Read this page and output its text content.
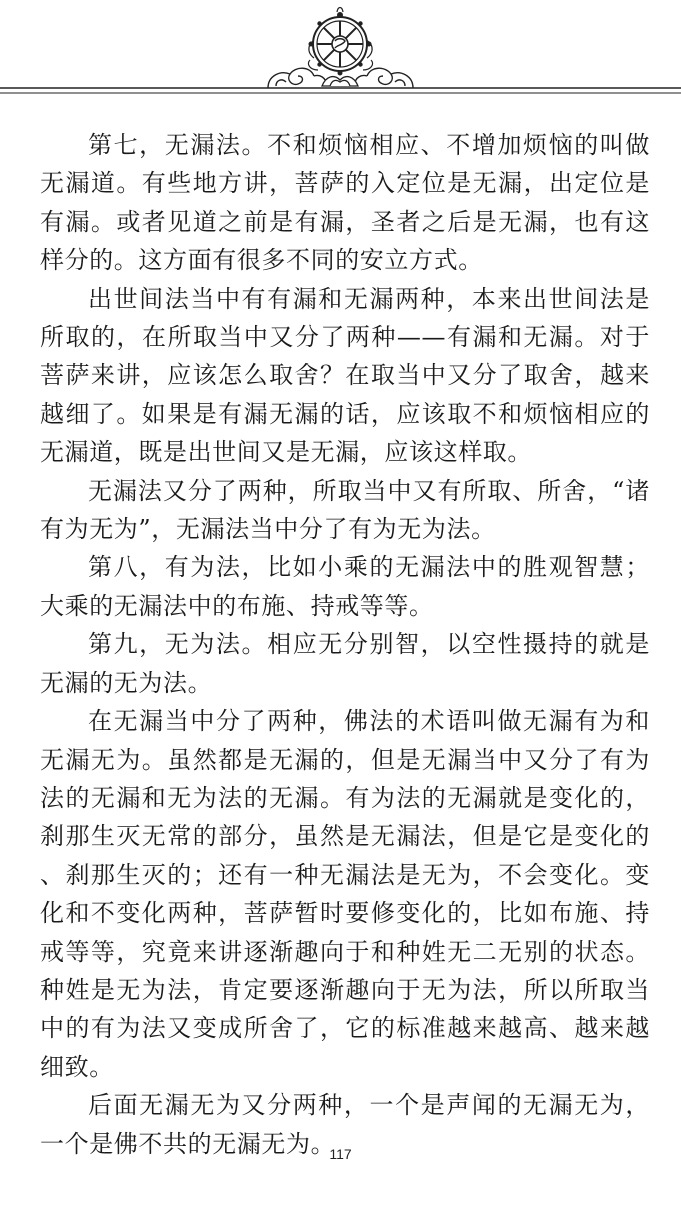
第七，无漏法。不和烦恼相应、不增加烦恼的叫做无漏道。有些地方讲，菩萨的入定位是无漏，出定位是有漏。或者见道之前是有漏，圣者之后是无漏，也有这样分的。这方面有很多不同的安立方式。

出世间法当中有有漏和无漏两种，本来出世间法是所取的，在所取当中又分了两种——有漏和无漏。对于菩萨来讲，应该怎么取舍？在取当中又分了取舍，越来越细了。如果是有漏无漏的话，应该取不和烦恼相应的无漏道，既是出世间又是无漏，应该这样取。

无漏法又分了两种，所取当中又有所取、所舍，“诸有为无为”，无漏法当中分了有为无为法。

第八，有为法，比如小乘的无漏法中的胜观智慧；大乘的无漏法中的布施、持戒等等。

第九，无为法。相应无分别智，以空性摄持的就是无漏的无为法。

在无漏当中分了两种，佛法的术语叫做无漏有为和无漏无为。虽然都是无漏的，但是无漏当中又分了有为法的无漏和无为法的无漏。有为法的无漏就是变化的，刹那生灭无常的部分，虽然是无漏法，但是它是变化的、刹那生灭的；还有一种无漏法是无为，不会变化。变化和不变化两种，菩萨暂时要修变化的，比如布施、持戒等等，究竟来讲逐渐趣向于和种姓无二无别的状态。种姓是无为法，肯定要逐渐趣向于无为法，所以所取当中的有为法又变成所舍了，它的标准越来越高、越来越细致。

后面无漏无为又分两种，一个是声闻的无漏无为，一个是佛不共的无漏无为。

117
